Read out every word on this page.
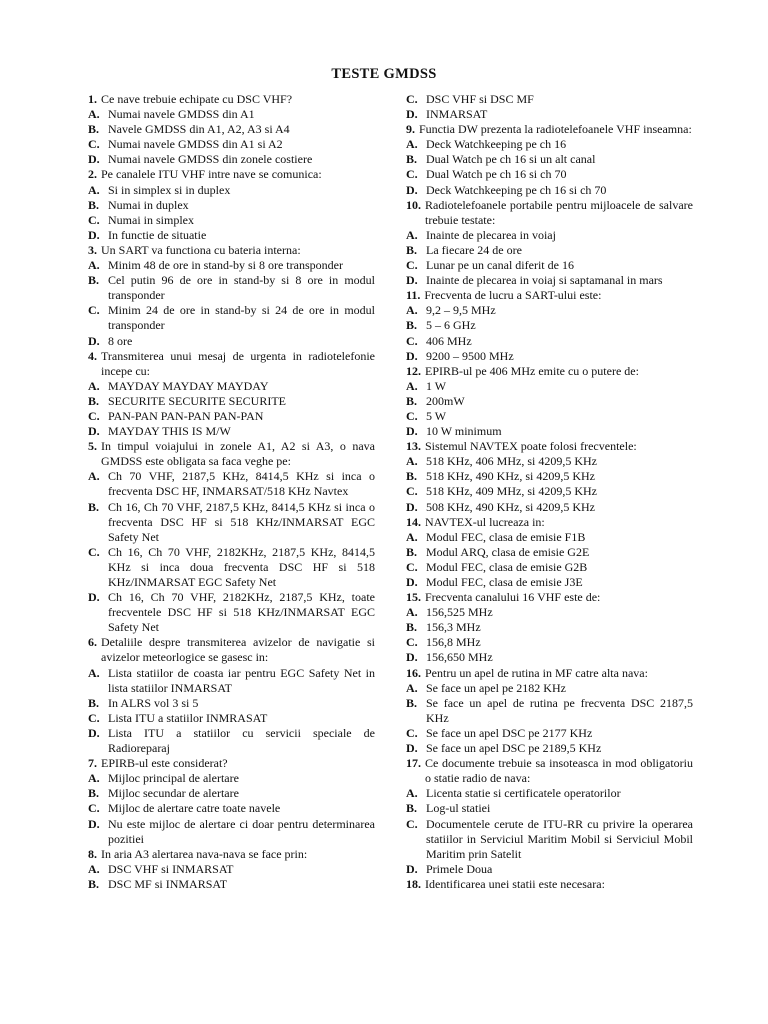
TESTE GMDSS
1. Ce nave trebuie echipate cu DSC VHF?
A. Numai navele GMDSS din A1
B. Navele GMDSS din A1, A2, A3 si A4
C. Numai navele GMDSS din A1 si A2
D. Numai navele GMDSS din zonele costiere
2. Pe canalele ITU VHF intre nave se comunica:
A. Si in simplex si in duplex
B. Numai in duplex
C. Numai in simplex
D. In functie de situatie
3. Un SART va functiona cu bateria interna:
A. Minim 48 de ore in stand-by si 8 ore transponder
B. Cel putin 96 de ore in stand-by si 8 ore in modul transponder
C. Minim 24 de ore in stand-by si 24 de ore in modul transponder
D. 8 ore
4. Transmiterea unui mesaj de urgenta in radiotelefonie incepe cu:
A. MAYDAY MAYDAY MAYDAY
B. SECURITE SECURITE SECURITE
C. PAN-PAN PAN-PAN PAN-PAN
D. MAYDAY THIS IS M/W
5. In timpul voiajului in zonele A1, A2 si A3, o nava GMDSS este obligata sa faca veghe pe:
A. Ch 70 VHF, 2187,5 KHz, 8414,5 KHz si inca o frecventa DSC HF, INMARSAT/518 KHz Navtex
B. Ch 16, Ch 70 VHF, 2187,5 KHz, 8414,5 KHz si inca o frecventa DSC HF si 518 KHz/INMARSAT EGC Safety Net
C. Ch 16, Ch 70 VHF, 2182KHz, 2187,5 KHz, 8414,5 KHz si inca doua frecventa DSC HF si 518 KHz/INMARSAT EGC Safety Net
D. Ch 16, Ch 70 VHF, 2182KHz, 2187,5 KHz, toate frecventele DSC HF si 518 KHz/INMARSAT EGC Safety Net
6. Detaliile despre transmiterea avizelor de navigatie si avizelor meteorlogice se gasesc in:
A. Lista statiilor de coasta iar pentru EGC Safety Net in lista statiilor INMARSAT
B. In ALRS vol 3 si 5
C. Lista ITU a statiilor INMRASAT
D. Lista ITU a statiilor cu servicii speciale de Radioreparaj
7. EPIRB-ul este considerat?
A. Mijloc principal de alertare
B. Mijloc secundar de alertare
C. Mijloc de alertare catre toate navele
D. Nu este mijloc de alertare ci doar pentru determinarea pozitiei
8. In aria A3 alertarea nava-nava se face prin:
A. DSC VHF si INMARSAT
B. DSC MF si INMARSAT
C. DSC VHF si DSC MF
D. INMARSAT
9. Functia DW prezenta la radiotelefoanele VHF inseamna:
A. Deck Watchkeeping pe ch 16
B. Dual Watch pe ch 16 si un alt canal
C. Dual Watch pe ch 16 si ch 70
D. Deck Watchkeeping pe ch 16 si ch 70
10. Radiotelefoanele portabile pentru mijloacele de salvare trebuie testate:
A. Inainte de plecarea in voiaj
B. La fiecare 24 de ore
C. Lunar pe un canal diferit de 16
D. Inainte de plecarea in voiaj si saptamanal in mars
11. Frecventa de lucru a SART-ului este:
A. 9,2 – 9,5 MHz
B. 5 – 6 GHz
C. 406 MHz
D. 9200 – 9500 MHz
12. EPIRB-ul pe 406 MHz emite cu o putere de:
A. 1 W
B. 200mW
C. 5 W
D. 10 W minimum
13. Sistemul NAVTEX poate folosi frecventele:
A. 518 KHz, 406 MHz, si 4209,5 KHz
B. 518 KHz, 490 KHz, si 4209,5 KHz
C. 518 KHz, 409 MHz, si 4209,5 KHz
D. 508 KHz, 490 KHz, si 4209,5 KHz
14. NAVTEX-ul lucreaza in:
A. Modul FEC, clasa de emisie F1B
B. Modul ARQ, clasa de emisie G2E
C. Modul FEC, clasa de emisie G2B
D. Modul FEC, clasa de emisie J3E
15. Frecventa canalului 16 VHF este de:
A. 156,525 MHz
B. 156,3 MHz
C. 156,8 MHz
D. 156,650 MHz
16. Pentru un apel de rutina in MF catre alta nava:
A. Se face un apel pe 2182 KHz
B. Se face un apel de rutina pe frecventa DSC 2187,5 KHz
C. Se face un apel DSC pe 2177 KHz
D. Se face un apel DSC pe 2189,5 KHz
17. Ce documente trebuie sa insoteasca in mod obligatoriu o statie radio de nava:
A. Licenta statie si certificatele operatorilor
B. Log-ul statiei
C. Documentele cerute de ITU-RR cu privire la operarea statiilor in Serviciul Maritim Mobil si Serviciul Mobil Maritim prin Satelit
D. Primele Doua
18. Identificarea unei statii este necesara:
